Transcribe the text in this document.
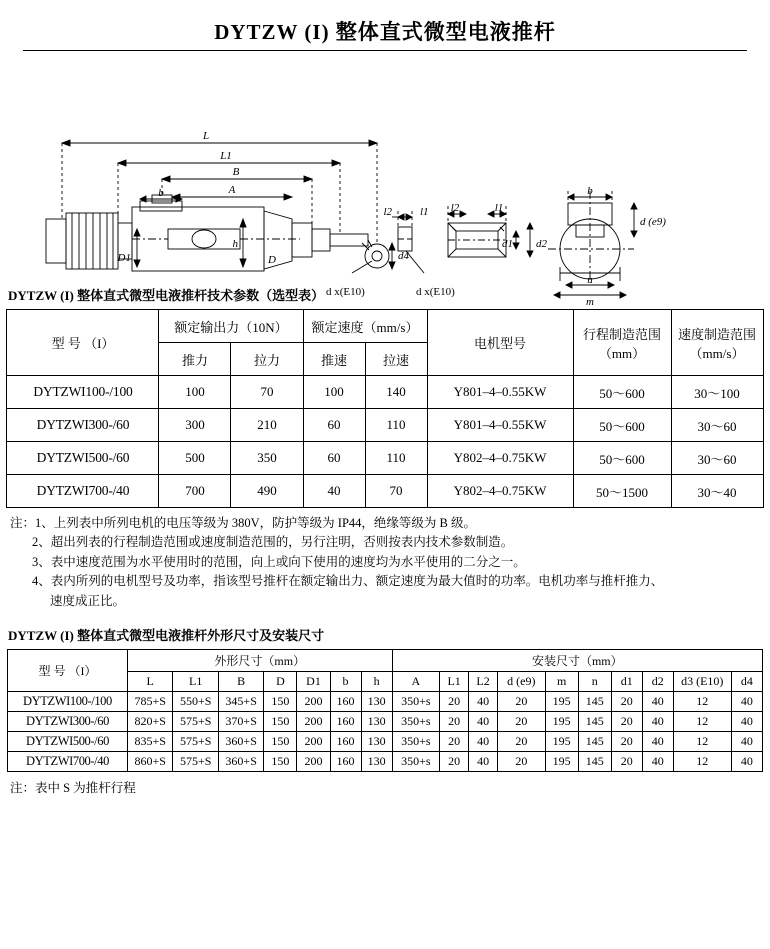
DYTZW (I) 整体直式微型电液推杆
L
L1
B
A
b
h
D1	D	d4
l2	l1
d x(E10)	d x(E10)
l2	l1
d1 d2
b
d (e9)
n
m
DYTZW (I) 整体直式微型电液推杆技术参数（选型表）
型 号 （I）	额定输出力（10N）		额定速度（mm/s）		电机型号	行程制造范围（mm）	速度制造范围（mm/s）

	推力	拉力	推速	拉速			
DYTZWI100-/100	100	70	100	140	Y801–4–0.55KW	50～600	30～100
DYTZWI300-/60	300	210	60	110	Y801–4–0.55KW	50～600	30～60
DYTZWI500-/60	500	350	60	110	Y802–4–0.75KW	50～600	30～60
DYTZWI700-/40	700	490	40	70	Y802–4–0.75KW	50～1500	30～40
注：1、上列表中所列电机的电压等级为 380V，防护等级为 IP44，绝缘等级为 B 级。
2、超出列表的行程制造范围或速度制造范围的，另行注明，否则按表内技术参数制造。
3、表中速度范围为水平使用时的范围，向上或向下使用的速度均为水平使用的二分之一。
4、表内所列的电机型号及功率，指该型号推杆在额定输出力、额定速度为最大值时的功率。电机功率与推杆推力、
速度成正比。
DYTZW (I) 整体直式微型电液推杆外形尺寸及安装尺寸
型 号 （I）	外形尺寸（mm）							安装尺寸（mm）									
	L	L1	B	D	D1	b	h	A	L1	L2	d (e9)	m	n	d1	d2	d3 (E10)	d4
DYTZWI100-/100	785+S	550+S	345+S	150	200	160	130	350+s	20	40	20	195	145	20	40	12	40
DYTZWI300-/60	820+S	575+S	370+S	150	200	160	130	350+s	20	40	20	195	145	20	40	12	40
DYTZWI500-/60	835+S	575+S	360+S	150	200	160	130	350+s	20	40	20	195	145	20	40	12	40
DYTZWI700-/40	860+S	575+S	360+S	150	200	160	130	350+s	20	40	20	195	145	20	40	12	40
注：表中 S 为推杆行程
